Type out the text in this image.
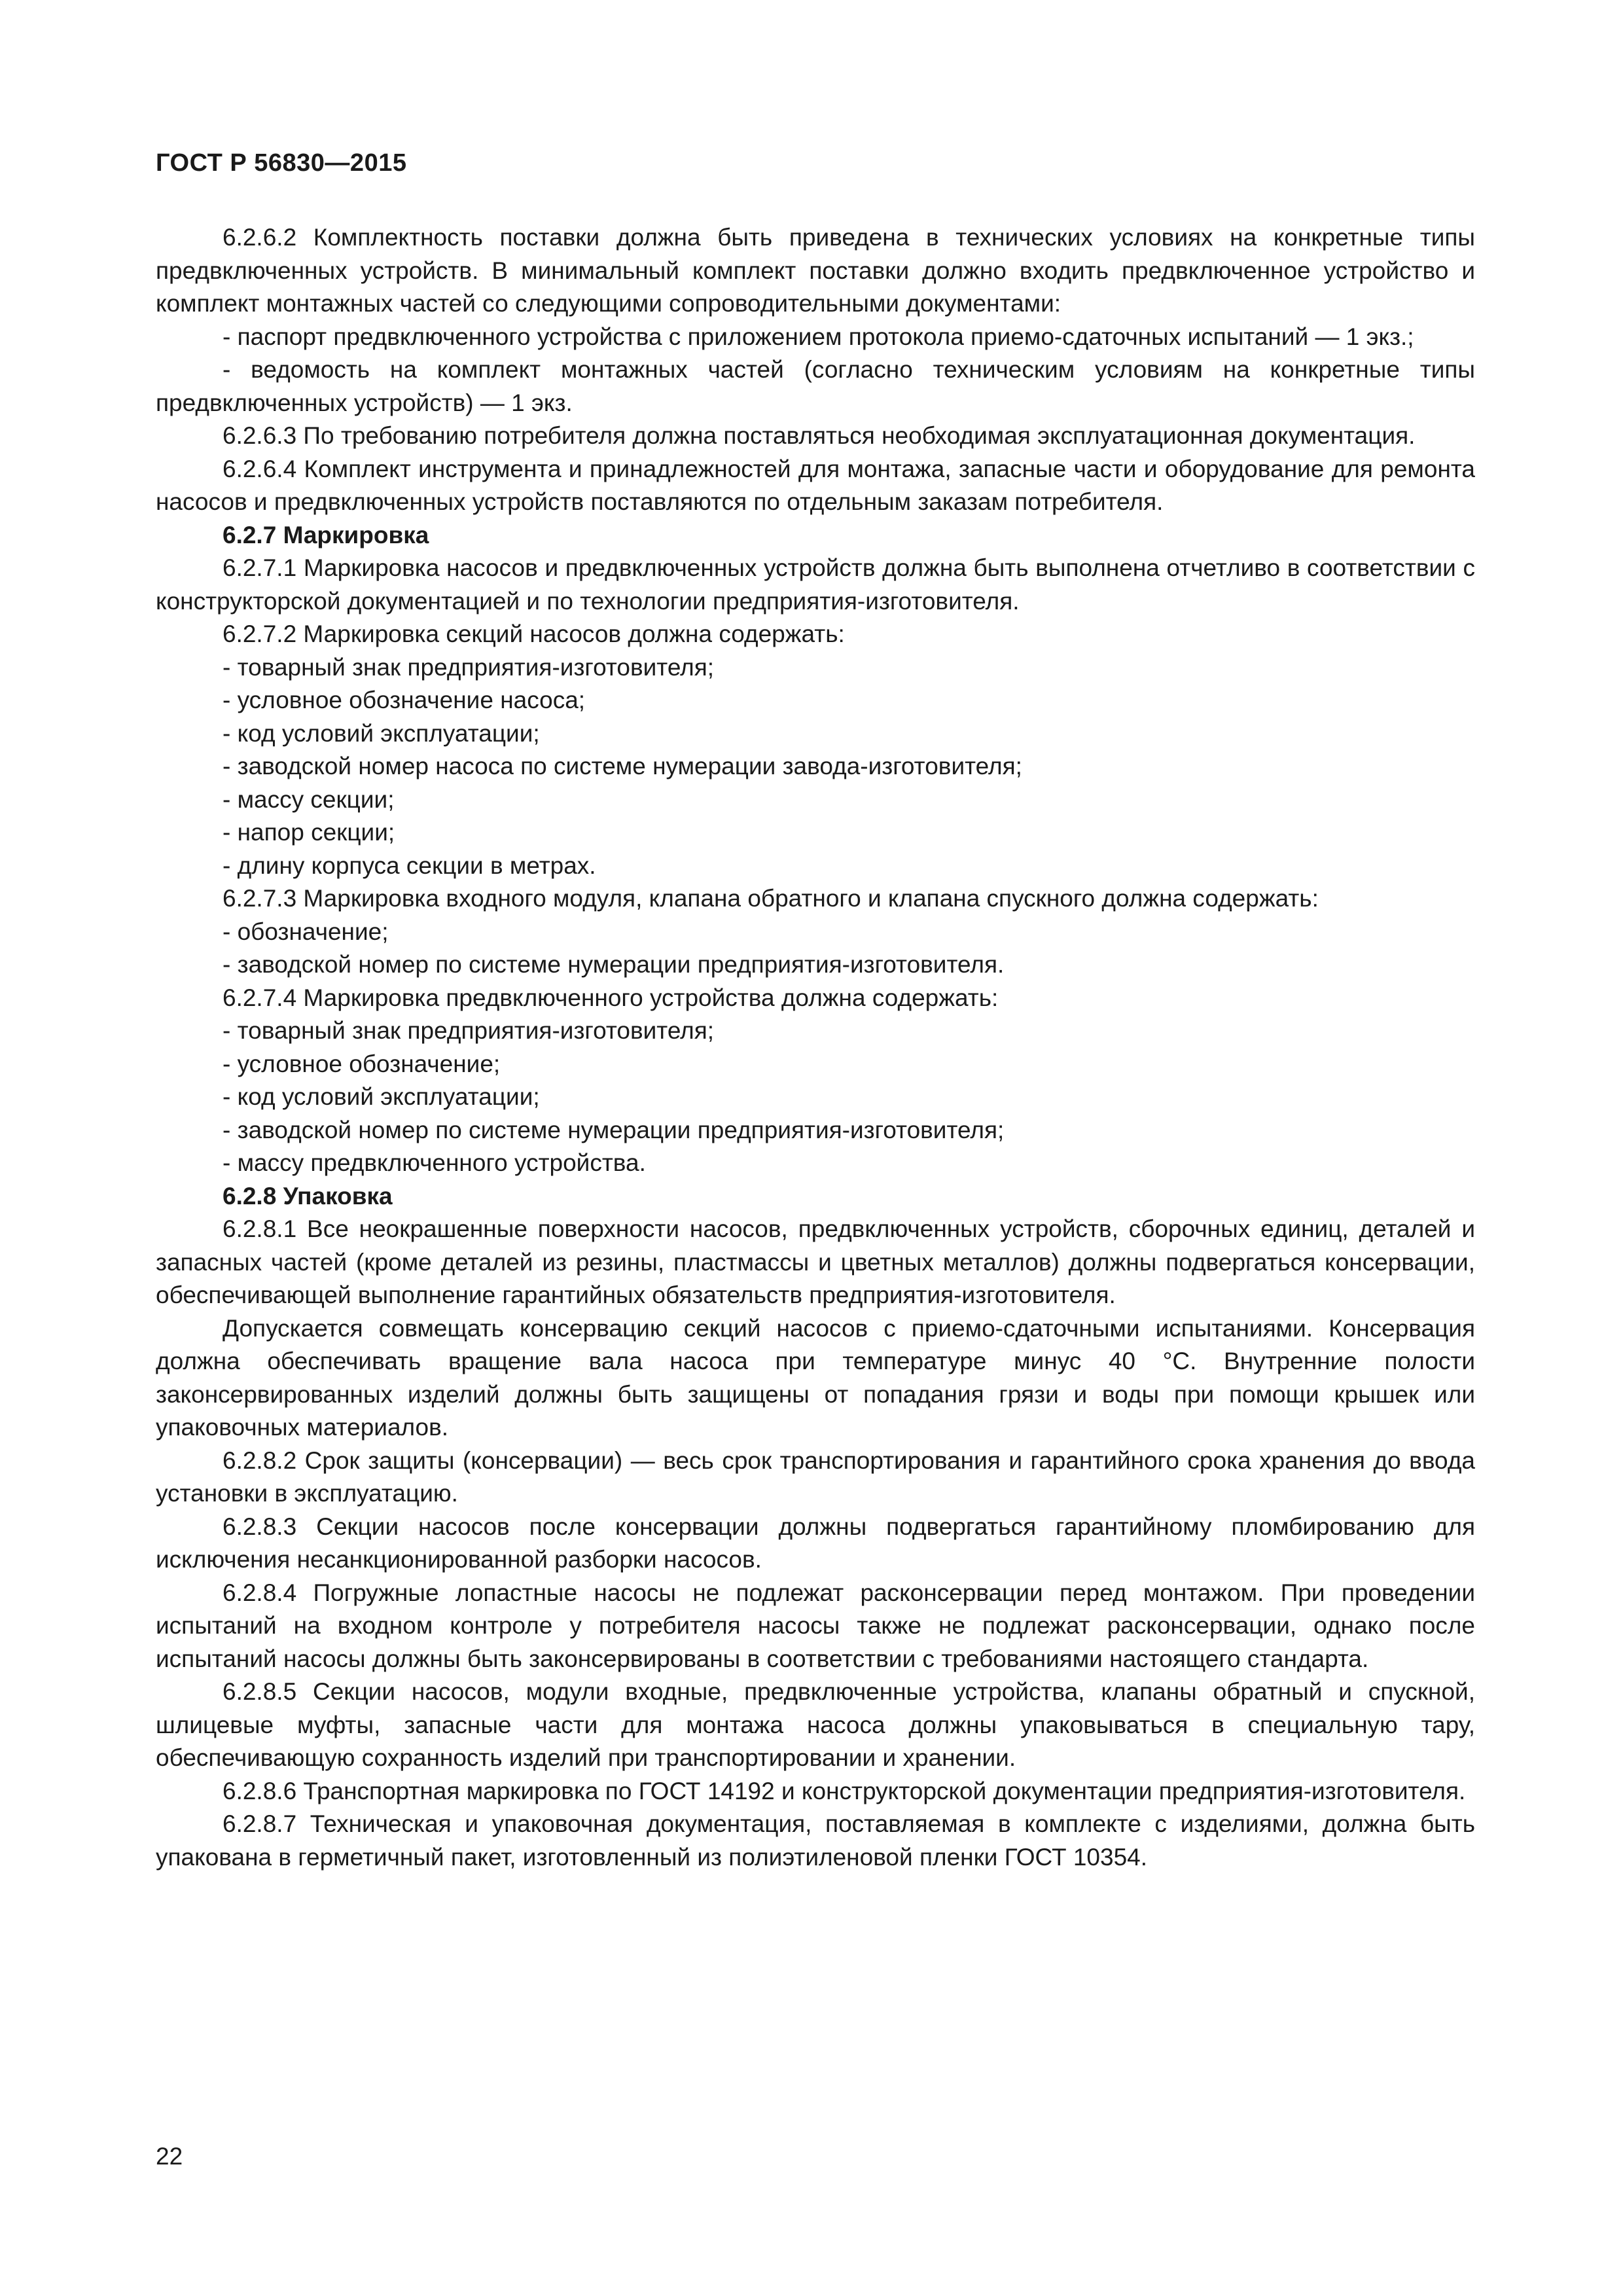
ГОСТ Р 56830—2015

6.2.6.2 Комплектность поставки должна быть приведена в технических условиях на конкретные типы предвключенных устройств. В минимальный комплект поставки должно входить предвключенное устройство и комплект монтажных частей со следующими сопроводительными документами:

- паспорт предвключенного устройства с приложением протокола приемо-сдаточных испытаний — 1 экз.;

- ведомость на комплект монтажных частей (согласно техническим условиям на конкретные типы предвключенных устройств) — 1 экз.

6.2.6.3 По требованию потребителя должна поставляться необходимая эксплуатационная документация.

6.2.6.4 Комплект инструмента и принадлежностей для монтажа, запасные части и оборудование для ремонта насосов и предвключенных устройств поставляются по отдельным заказам потребителя.

6.2.7 Маркировка

6.2.7.1 Маркировка насосов и предвключенных устройств должна быть выполнена отчетливо в соответствии с конструкторской документацией и по технологии предприятия-изготовителя.

6.2.7.2 Маркировка секций насосов должна содержать:

- товарный знак предприятия-изготовителя;

- условное обозначение насоса;

- код условий эксплуатации;

- заводской номер насоса по системе нумерации завода-изготовителя;

- массу секции;

- напор секции;

- длину корпуса секции в метрах.

6.2.7.3 Маркировка входного модуля, клапана обратного и клапана спускного должна содержать:

- обозначение;

- заводской номер по системе нумерации предприятия-изготовителя.

6.2.7.4 Маркировка предвключенного устройства должна содержать:

- товарный знак предприятия-изготовителя;

- условное обозначение;

- код условий эксплуатации;

- заводской номер по системе нумерации предприятия-изготовителя;

- массу предвключенного устройства.

6.2.8 Упаковка

6.2.8.1 Все неокрашенные поверхности насосов, предвключенных устройств, сборочных единиц, деталей и запасных частей (кроме деталей из резины, пластмассы и цветных металлов) должны подвергаться консервации, обеспечивающей выполнение гарантийных обязательств предприятия-изготовителя.

Допускается совмещать консервацию секций насосов с приемо-сдаточными испытаниями. Консервация должна обеспечивать вращение вала насоса при температуре минус 40 °С. Внутренние полости законсервированных изделий должны быть защищены от попадания грязи и воды при помощи крышек или упаковочных материалов.

6.2.8.2 Срок защиты (консервации) — весь срок транспортирования и гарантийного срока хранения до ввода установки в эксплуатацию.

6.2.8.3 Секции насосов после консервации должны подвергаться гарантийному пломбированию для исключения несанкционированной разборки насосов.

6.2.8.4 Погружные лопастные насосы не подлежат расконсервации перед монтажом. При проведении испытаний на входном контроле у потребителя насосы также не подлежат расконсервации, однако после испытаний насосы должны быть законсервированы в соответствии с требованиями настоящего стандарта.

6.2.8.5 Секции насосов, модули входные, предвключенные устройства, клапаны обратный и спускной, шлицевые муфты, запасные части для монтажа насоса должны упаковываться в специальную тару, обеспечивающую сохранность изделий при транспортировании и хранении.

6.2.8.6 Транспортная маркировка по ГОСТ 14192 и конструкторской документации предприятия-изготовителя.

6.2.8.7 Техническая и упаковочная документация, поставляемая в комплекте с изделиями, должна быть упакована в герметичный пакет, изготовленный из полиэтиленовой пленки ГОСТ 10354.

22
